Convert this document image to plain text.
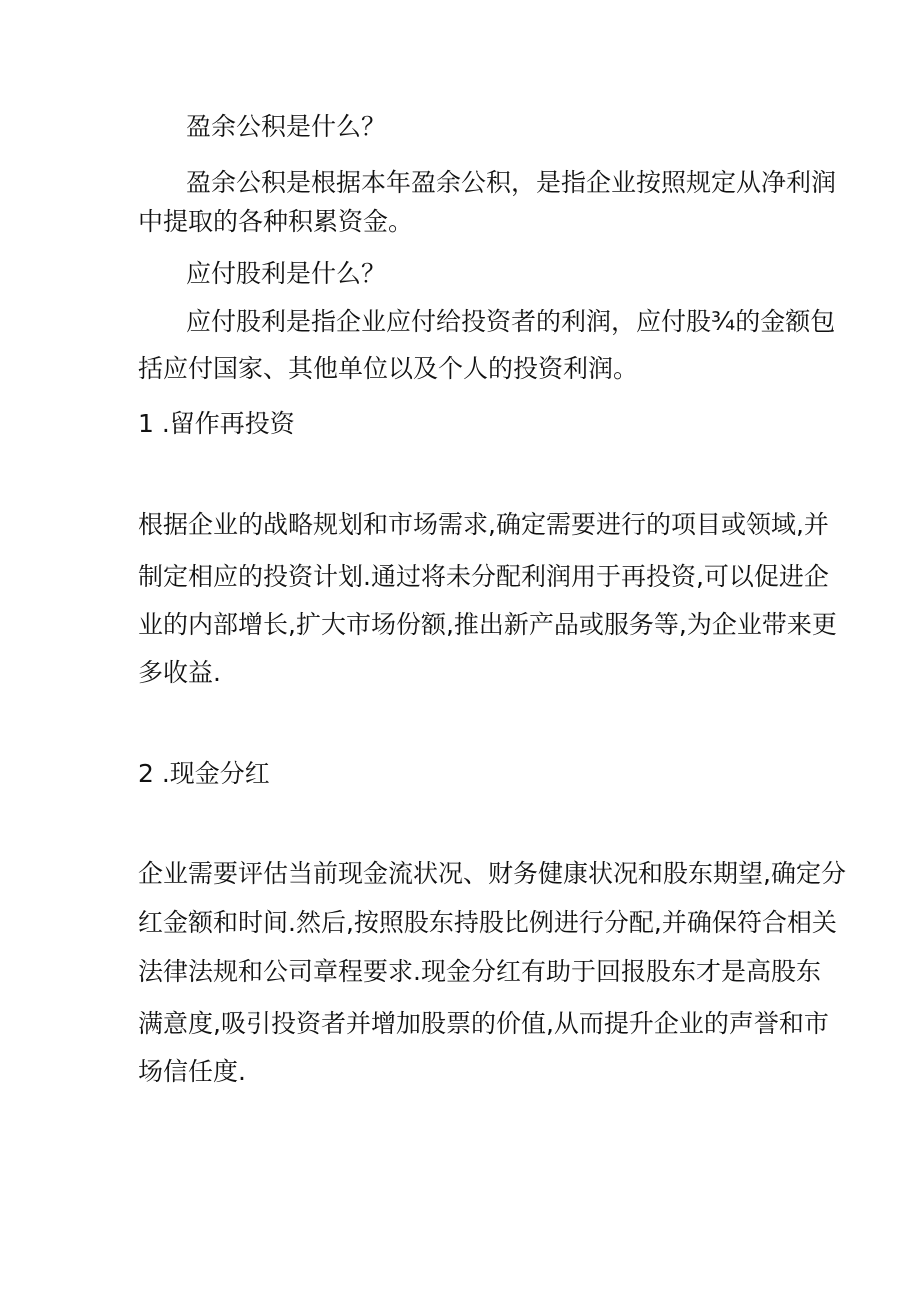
盈余公积是什么？

盈余公积是根据本年盈余公积，是指企业按照规定从净利润

中提取的各种积累资金。

应付股利是什么？

应付股利是指企业应付给投资者的利润，应付股¾的金额包

括应付国家、其他单位以及个人的投资利润。

1 .留作再投资

根据企业的战略规划和市场需求,确定需要进行的项目或领域,并

制定相应的投资计划.通过将未分配利润用于再投资,可以促进企

业的内部增长,扩大市场份额,推出新产品或服务等,为企业带来更

多收益.

2 .现金分红

企业需要评估当前现金流状况、财务健康状况和股东期望,确定分

红金额和时间.然后,按照股东持股比例进行分配,并确保符合相关

法律法规和公司章程要求.现金分红有助于回报股东才是高股东

满意度,吸引投资者并增加股票的价值,从而提升企业的声誉和市

场信任度.
